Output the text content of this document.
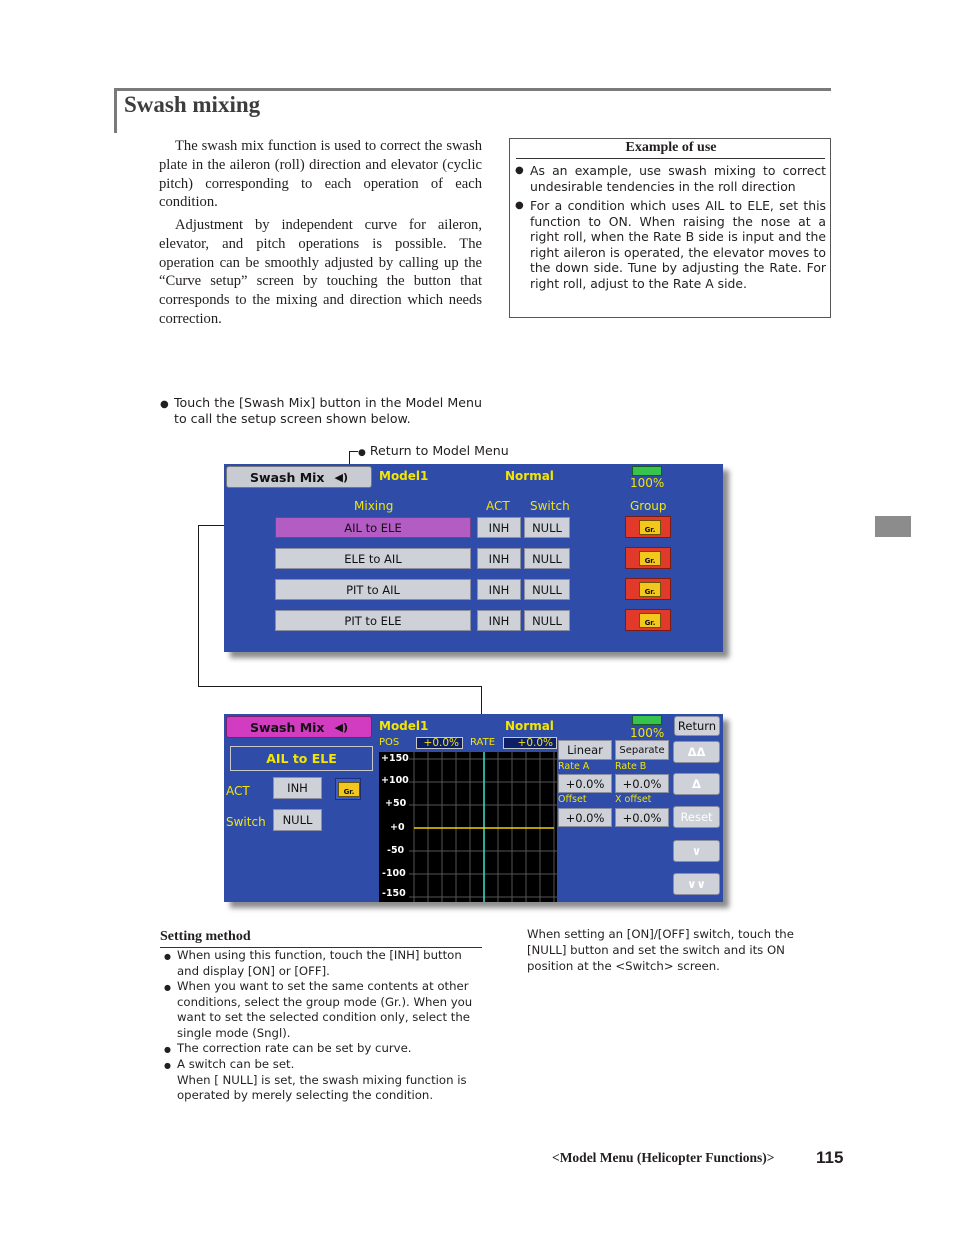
Swash mixing

The swash mix function is used to correct the swash plate in the aileron (roll) direction and elevator (cyclic pitch) corresponding to each operation of each condition.

Adjustment by independent curve for aileron, elevator, and pitch operations is possible. The operation can be smoothly adjusted by calling up the “Curve setup” screen by touching the button that corresponds to the mixing and direction which needs correction.

Example of use
● As an example, use swash mixing to correct undesirable tendencies in the roll direction
● For a condition which uses AIL to ELE, set this function to ON. When raising the nose at a right roll, when the Rate B side is input and the right aileron is operated, the elevator moves to the down side. Tune by adjusting the Rate. For right roll, adjust to the Rate A side.
● Touch the [Swash Mix] button in the Model Menu to call the setup screen shown below.
● Return to Model Menu
Swash Mix ◀)	Model1	Normal	100%
Mixing	ACT Switch	Group
AIL to ELE	INH	NULL	Gr.
ELE to AIL	INH	NULL	Gr.
PIT to AIL	INH	NULL	Gr.
PIT to ELE	INH	NULL	Gr.
Swash Mix ◀)	Model1	Normal	100%	Return
AIL to ELE
ACT	INH	Gr.
Switch	NULL
POS	+0.0%	RATE	+0.0%
+150
+100
+50
+0
-50
-100
-150
Linear	Separate
Rate A	Rate B
+0.0%	+0.0%
Offset	X offset
+0.0%	+0.0%
ΔΔ
Δ
Reset
∨
∨∨
Setting method
● When using this function, touch the [INH] button and display [ON] or [OFF].
● When you want to set the same contents at other conditions, select the group mode (Gr.). When you want to set the selected condition only, select the single mode (Sngl).
● The correction rate can be set by curve.
● A switch can be set.
When [ NULL] is set, the swash mixing function is operated by merely selecting the condition.
When setting an [ON]/[OFF] switch, touch the [NULL] button and set the switch and its ON position at the <Switch> screen.
<Model Menu (Helicopter Functions)> 115
